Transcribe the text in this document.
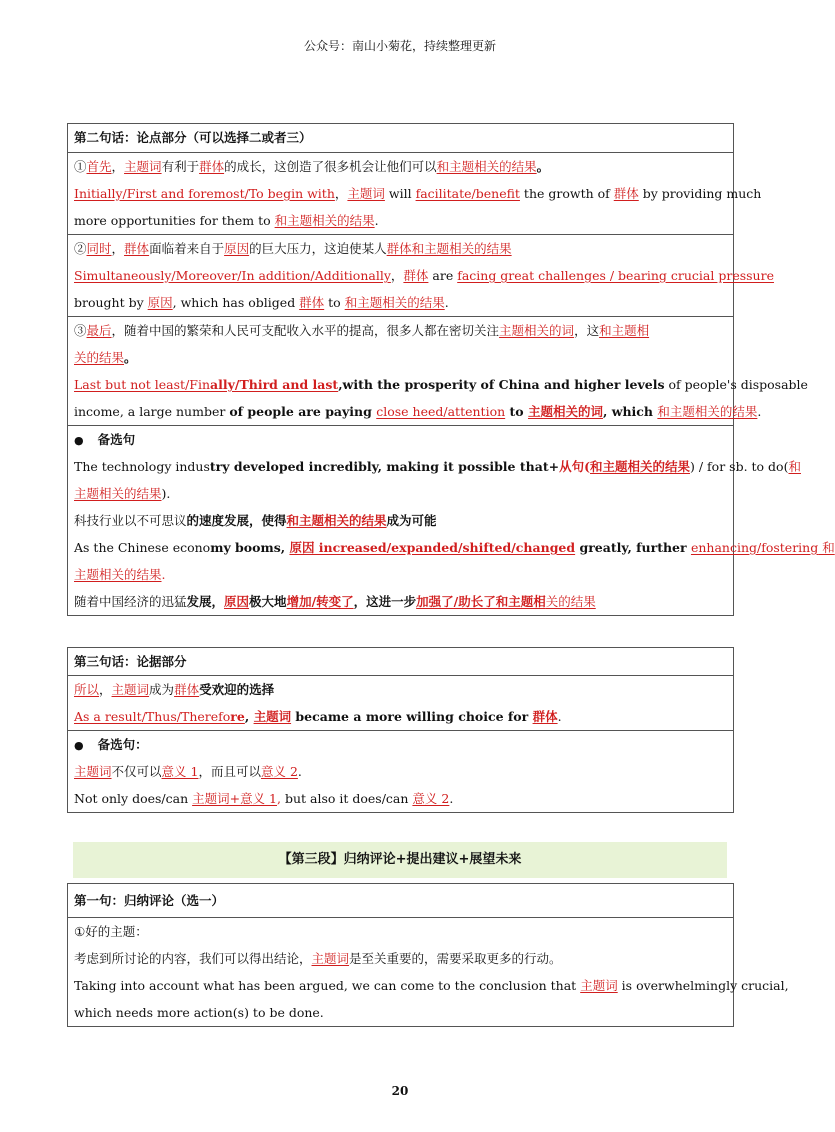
公众号：南山小菊花，持续整理更新
第二句话：论点部分（可以选择二或者三）
①首先，主题词有利于群体的成长，这创造了很多机会让他们可以和主题相关的结果。
Initially/First and foremost/To begin with，主题词 will facilitate/benefit the growth of 群体 by providing much
more opportunities for them to 和主题相关的结果.
②同时，群体面临着来自于原因的巨大压力，这迫使某人群体和主题相关的结果
Simultaneously/Moreover/In addition/Additionally，群体 are facing great challenges / bearing crucial pressure
brought by 原因, which has obliged 群体 to 和主题相关的结果.
③最后，随着中国的繁荣和人民可支配收入水平的提高，很多人都在密切关注主题相关的词，这和主题相
关的结果。
Last but not least/Finally/Third and last,with the prosperity of China and higher levels of people's disposable
income, a large number of people are paying close heed/attention to 主题相关的词, which 和主题相关的结果.
● 备选句
The technology industry developed incredibly, making it possible that+从句(和主题相关的结果) / for sb. to do(和
主题相关的结果).
科技行业以不可思议的速度发展，使得和主题相关的结果成为可能
As the Chinese economy booms, 原因 increased/expanded/shifted/changed greatly, further enhancing/fostering 和
主题相关的结果.
随着中国经济的迅猛发展，原因极大地增加/转变了，这进一步加强了/助长了和主题相关的结果
第三句话：论据部分
所以，主题词成为群体受欢迎的选择
As a result/Thus/Therefore, 主题词 became a more willing choice for 群体.
● 备选句：
主题词不仅可以意义 1，而且可以意义 2.
Not only does/can 主题词+意义 1, but also it does/can 意义 2.
【第三段】归纳评论+提出建议+展望未来
第一句：归纳评论（选一）
①好的主题：
考虑到所讨论的内容，我们可以得出结论，主题词是至关重要的，需要采取更多的行动。
Taking into account what has been argued, we can come to the conclusion that 主题词 is overwhelmingly crucial,
which needs more action(s) to be done.
20
